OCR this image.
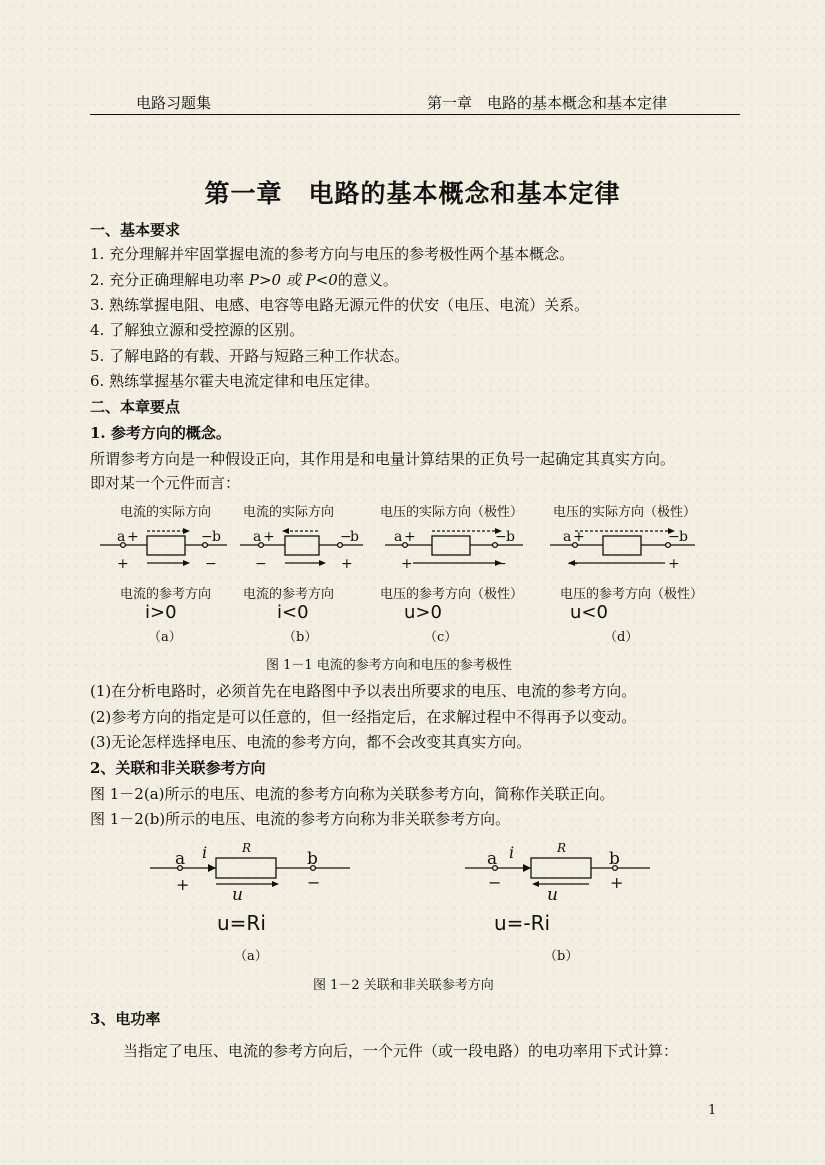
电路习题集	第一章　电路的基本概念和基本定律
第一章　电路的基本概念和基本定律
一、基本要求
1. 充分理解并牢固掌握电流的参考方向与电压的参考极性两个基本概念。
2. 充分正确理解电功率 P>0 或 P<0的意义。
3. 熟练掌握电阻、电感、电容等电路无源元件的伏安（电压、电流）关系。
4. 了解独立源和受控源的区别。
5. 了解电路的有载、开路与短路三种工作状态。
6. 熟练掌握基尔霍夫电流定律和电压定律。
二、本章要点
1. 参考方向的概念。
所谓参考方向是一种假设正向，其作用是和电量计算结果的正负号一起确定其真实方向。
即对某一个元件而言：
电流的实际方向 电流的实际方向	电压的实际方向（极性） 电压的实际方向（极性）
a +	− b
+	−
a +	−
b
−	+
a +	− b
+	−
a +	− b
−	+
电流的参考方向 电流的参考方向	电压的参考方向（极性）	电压的参考方向（极性）
i>0	i<0	u>0	u<0
（a）	（b）	（c）	（d）
图 1－1 电流的参考方向和电压的参考极性
(1)在分析电路时，必须首先在电路图中予以表出所要求的电压、电流的参考方向。
(2)参考方向的指定是可以任意的，但一经指定后，在求解过程中不得再予以变动。
(3)无论怎样选择电压、电流的参考方向，都不会改变其真实方向。
2、关联和非关联参考方向
图 1－2(a)所示的电压、电流的参考方向称为关联参考方向，简称作关联正向。
图 1－2(b)所示的电压、电流的参考方向称为非关联参考方向。
a i	R
b
+	−
u
a i	R
b
−	+
u
u=Ri	u=-Ri
（a）	（b）
图 1－2 关联和非关联参考方向
3、电功率
当指定了电压、电流的参考方向后，一个元件（或一段电路）的电功率用下式计算：
1
